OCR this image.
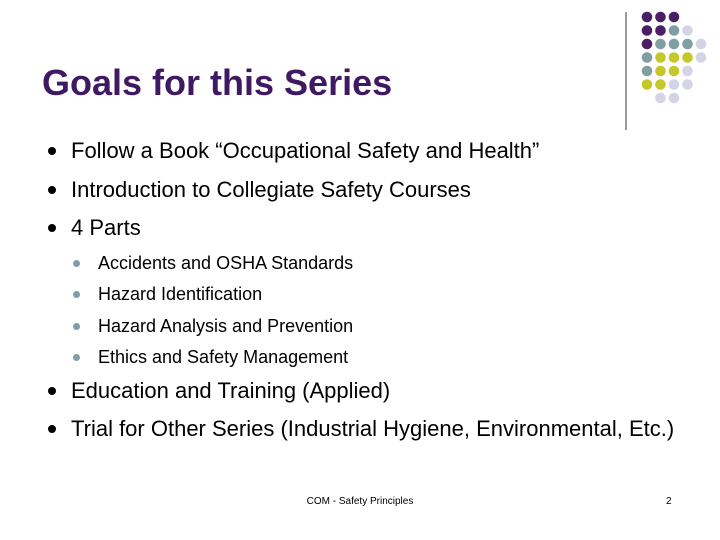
Goals for this Series
Follow a Book “Occupational Safety and Health”
Introduction to Collegiate Safety Courses
4 Parts
Accidents and OSHA Standards
Hazard Identification
Hazard Analysis and Prevention
Ethics and Safety Management
Education and Training (Applied)
Trial for Other Series (Industrial Hygiene, Environmental, Etc.)
COM - Safety Principles	2
